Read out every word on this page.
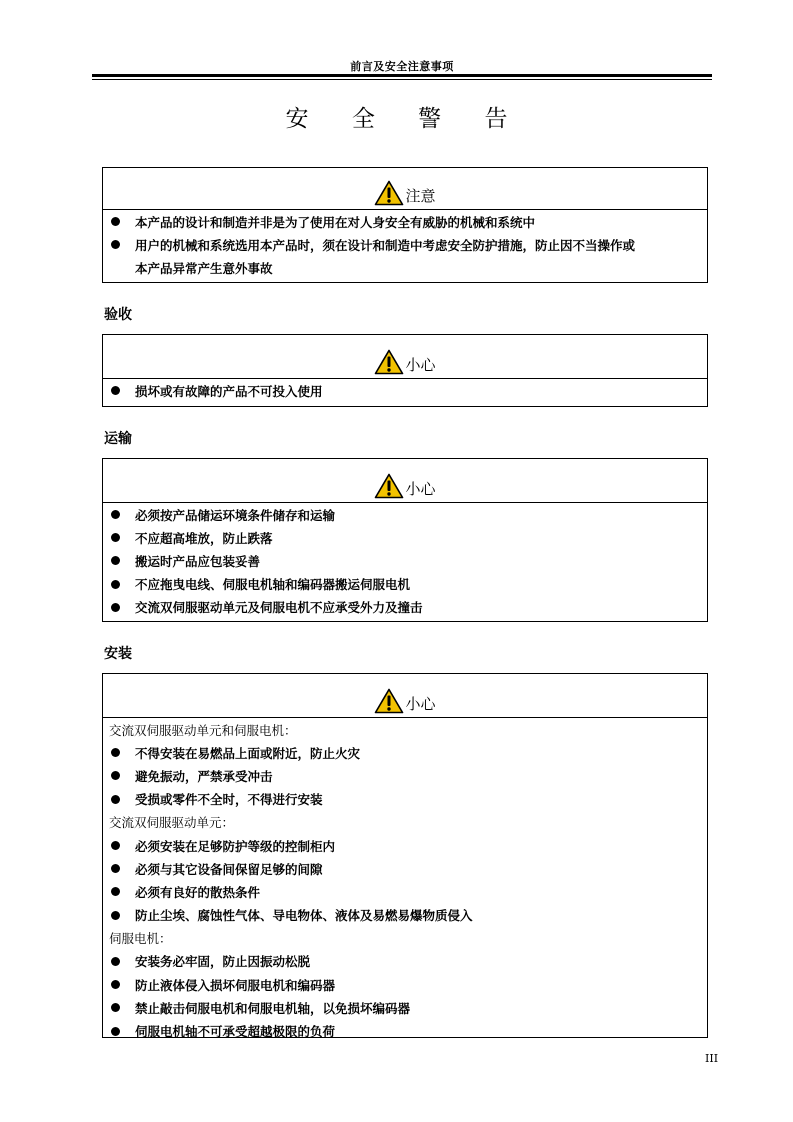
前言及安全注意事项
安 全 警 告
注意
本产品的设计和制造并非是为了使用在对人身安全有威胁的机械和系统中
用户的机械和系统选用本产品时，须在设计和制造中考虑安全防护措施，防止因不当操作或
本产品异常产生意外事故
验收
小心
损坏或有故障的产品不可投入使用
运输
小心
必须按产品储运环境条件储存和运输
不应超高堆放，防止跌落
搬运时产品应包装妥善
不应拖曳电线、伺服电机轴和编码器搬运伺服电机
交流双伺服驱动单元及伺服电机不应承受外力及撞击
安装
小心
交流双伺服驱动单元和伺服电机：
不得安装在易燃品上面或附近，防止火灾
避免振动，严禁承受冲击
受损或零件不全时，不得进行安装
交流双伺服驱动单元：
必须安装在足够防护等级的控制柜内
必须与其它设备间保留足够的间隙
必须有良好的散热条件
防止尘埃、腐蚀性气体、导电物体、液体及易燃易爆物质侵入
伺服电机：
安装务必牢固，防止因振动松脱
防止液体侵入损坏伺服电机和编码器
禁止敲击伺服电机和伺服电机轴，以免损坏编码器
伺服电机轴不可承受超越极限的负荷
III
